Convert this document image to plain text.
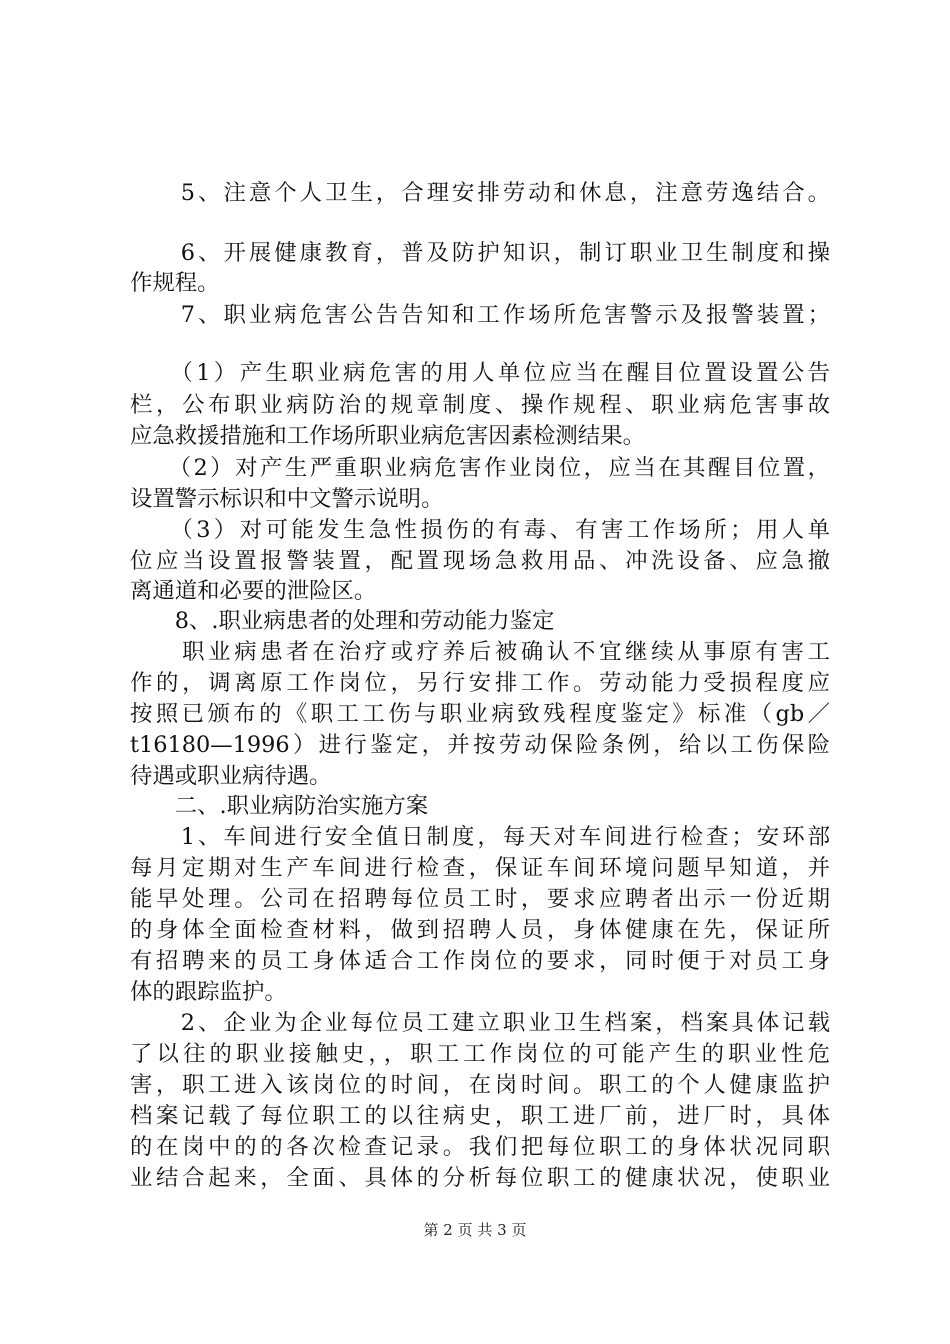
　　5、注意个人卫生，合理安排劳动和休息，注意劳逸结合。
　　6、开展健康教育，普及防护知识，制订职业卫生制度和操
作规程。
　　7、职业病危害公告告知和工作场所危害警示及报警装置；
　　（1）产生职业病危害的用人单位应当在醒目位置设置公告
栏，公布职业病防治的规章制度、操作规程、职业病危害事故
应急救援措施和工作场所职业病危害因素检测结果。
　　（2）对产生严重职业病危害作业岗位，应当在其醒目位置，
设置警示标识和中文警示说明。
　　（3）对可能发生急性损伤的有毒、有害工作场所；用人单
位应当设置报警装置，配置现场急救用品、冲洗设备、应急撤
离通道和必要的泄险区。
　　8、.职业病患者的处理和劳动能力鉴定
　　职业病患者在治疗或疗养后被确认不宜继续从事原有害工
作的，调离原工作岗位，另行安排工作。劳动能力受损程度应
按照已颁布的《职工工伤与职业病致残程度鉴定》标准（gb／
t16180—1996）进行鉴定，并按劳动保险条例，给以工伤保险
待遇或职业病待遇。
　　二、.职业病防治实施方案
　　1、车间进行安全值日制度，每天对车间进行检查；安环部
每月定期对生产车间进行检查，保证车间环境问题早知道，并
能早处理。公司在招聘每位员工时，要求应聘者出示一份近期
的身体全面检查材料，做到招聘人员，身体健康在先，保证所
有招聘来的员工身体适合工作岗位的要求，同时便于对员工身
体的跟踪监护。
　　2、企业为企业每位员工建立职业卫生档案，档案具体记载
了以往的职业接触史，，职工工作岗位的可能产生的职业性危
害，职工进入该岗位的时间，在岗时间。职工的个人健康监护
档案记载了每位职工的以往病史，职工进厂前，进厂时，具体
的在岗中的的各次检查记录。我们把每位职工的身体状况同职
业结合起来，全面、具体的分析每位职工的健康状况，使职业
第 2 页 共 3 页
